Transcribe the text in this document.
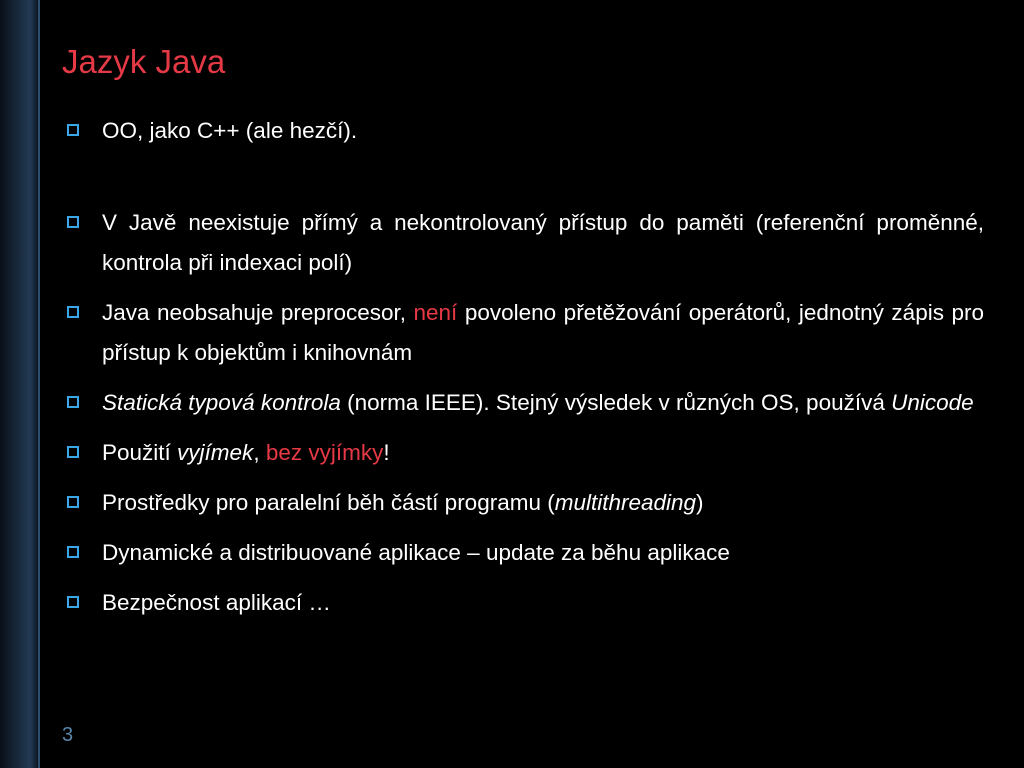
Jazyk Java
OO, jako C++ (ale hezčí).
V Javě neexistuje přímý a nekontrolovaný přístup do paměti (referenční proměnné, kontrola při indexaci polí)
Java neobsahuje preprocesor, není povoleno přetěžování operátorů, jednotný zápis pro přístup k objektům i knihovnám
Statická typová kontrola (norma IEEE). Stejný výsledek v různých OS, používá Unicode
Použití vyjímek, bez vyjímky!
Prostředky pro paralelní běh částí programu (multithreading)
Dynamické a distribuované aplikace – update za běhu aplikace
Bezpečnost aplikací …
3
